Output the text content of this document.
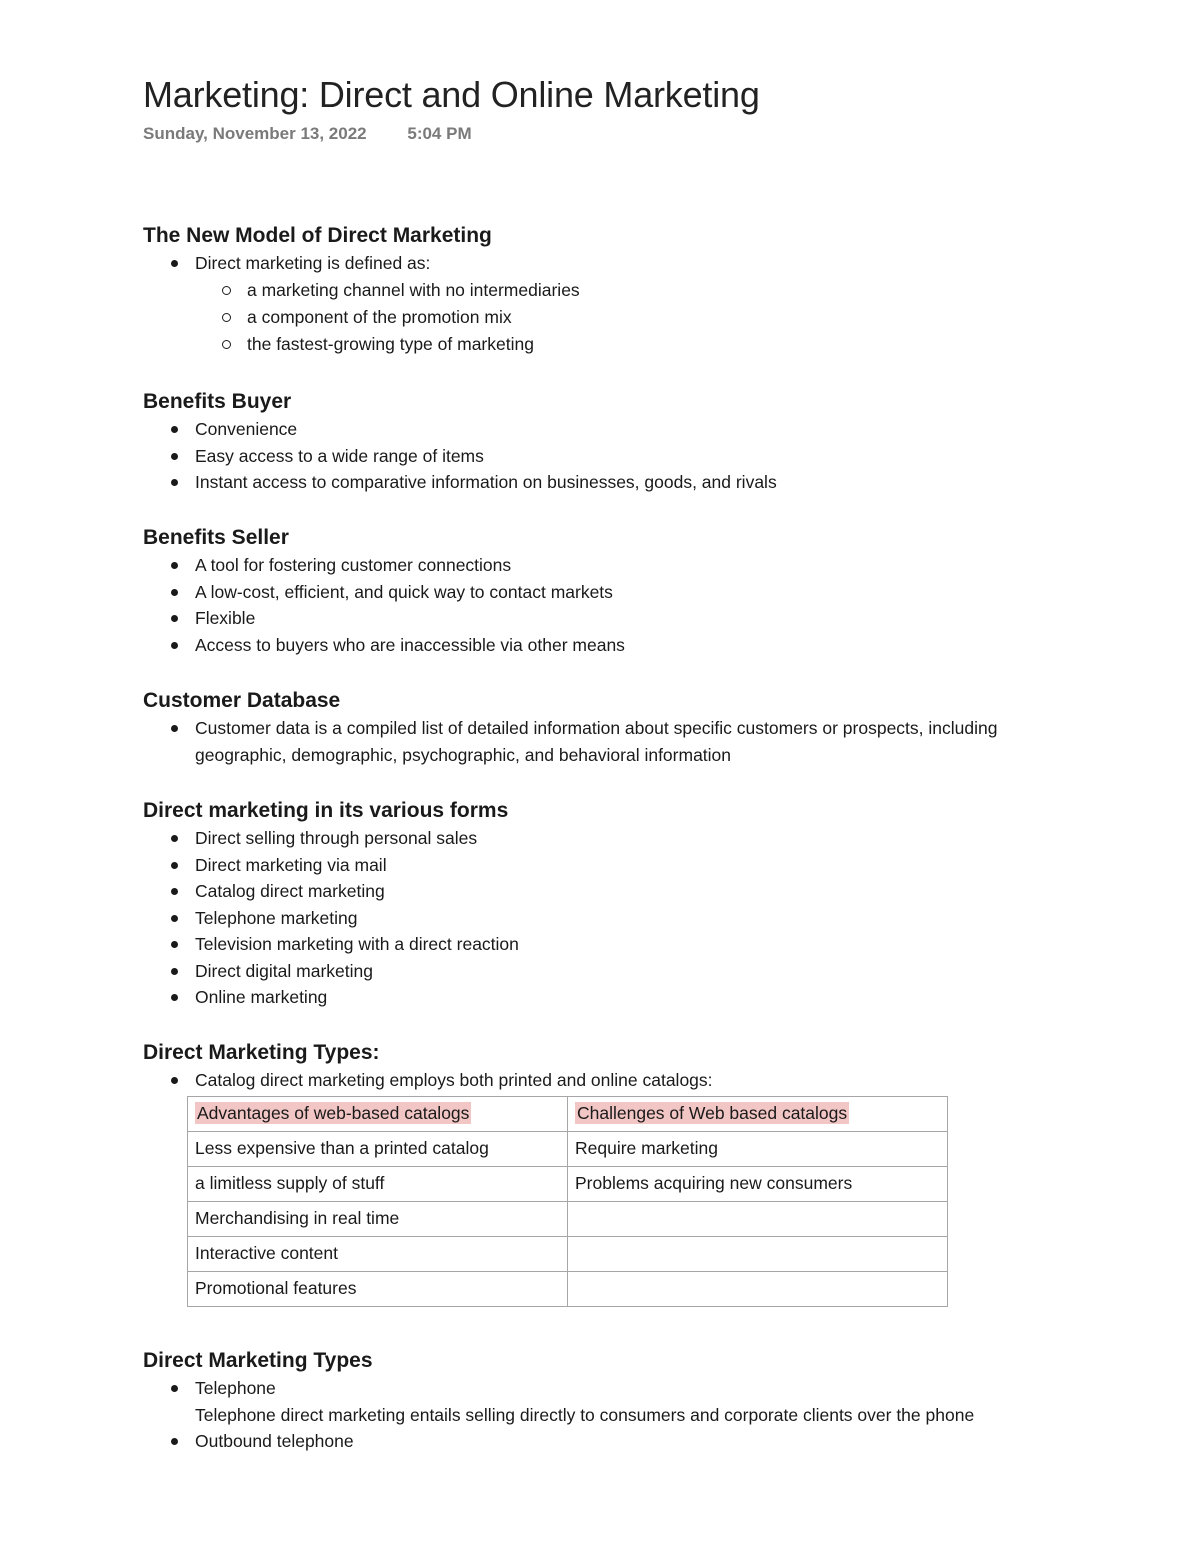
Marketing: Direct and Online Marketing
Sunday, November 13, 2022 5:04 PM
The New Model of Direct Marketing
Direct marketing is defined as:
a marketing channel with no intermediaries
a component of the promotion mix
the fastest-growing type of marketing
Benefits Buyer
Convenience
Easy access to a wide range of items
Instant access to comparative information on businesses, goods, and rivals
Benefits Seller
A tool for fostering customer connections
A low-cost, efficient, and quick way to contact markets
Flexible
Access to buyers who are inaccessible via other means
Customer Database
Customer data is a compiled list of detailed information about specific customers or prospects, including geographic, demographic, psychographic, and behavioral information
Direct marketing in its various forms
Direct selling through personal sales
Direct marketing via mail
Catalog direct marketing
Telephone marketing
Television marketing with a direct reaction
Direct digital marketing
Online marketing
Direct Marketing Types:
Catalog direct marketing employs both printed and online catalogs:
Advantages of web-based catalogs	Challenges of Web based catalogs
Less expensive than a printed catalog	Require marketing
a limitless supply of stuff	Problems acquiring new consumers
Merchandising in real time	
Interactive content	
Promotional features	
Direct Marketing Types
Telephone
Telephone direct marketing entails selling directly to consumers and corporate clients over the phone
Outbound telephone
